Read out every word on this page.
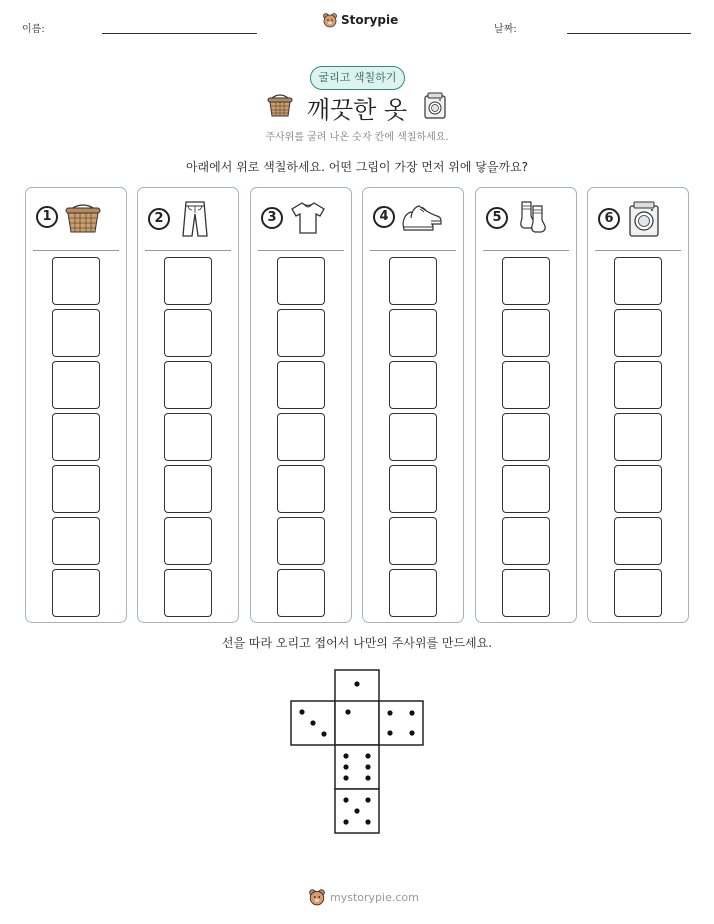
이름:
Storypie
날짜:
굴리고 색칠하기
깨끗한 옷
주사위를 굴려 나온 숫자 칸에 색칠하세요.
아래에서 위로 색칠하세요. 어떤 그림이 가장 먼저 위에 닿을까요?
1	2	3	4	5	6
선을 따라 오리고 접어서 나만의 주사위를 만드세요.
mystorypie.com
